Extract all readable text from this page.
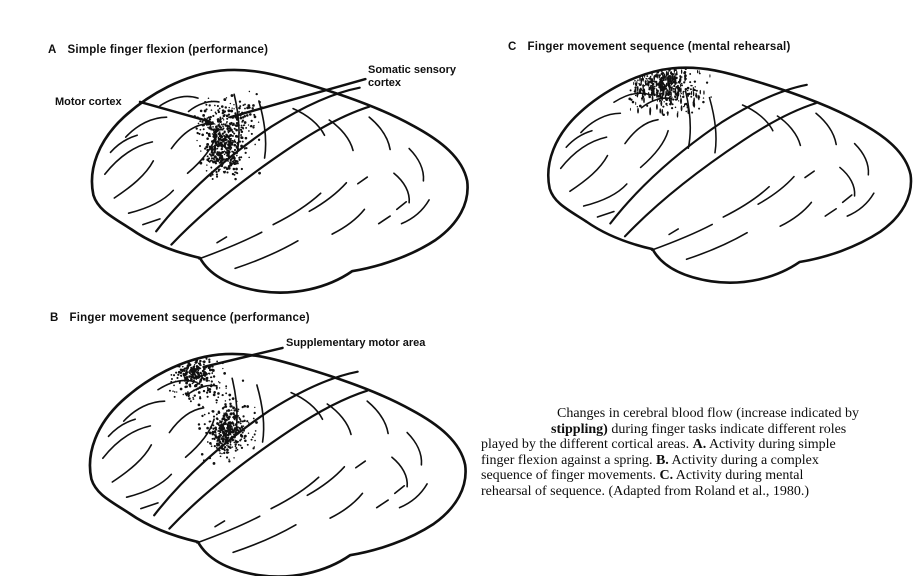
A Simple finger flexion (performance)
Motor cortex
Somatic sensory cortex
B Finger movement sequence (performance)
Supplementary motor area
C Finger movement sequence (mental rehearsal)
Changes in cerebral blood flow (increase indicated by
stippling) during finger tasks indicate different roles
played by the different cortical areas. A. Activity during simple
finger flexion against a spring. B. Activity during a complex
sequence of finger movements. C. Activity during mental
rehearsal of sequence. (Adapted from Roland et al., 1980.)
